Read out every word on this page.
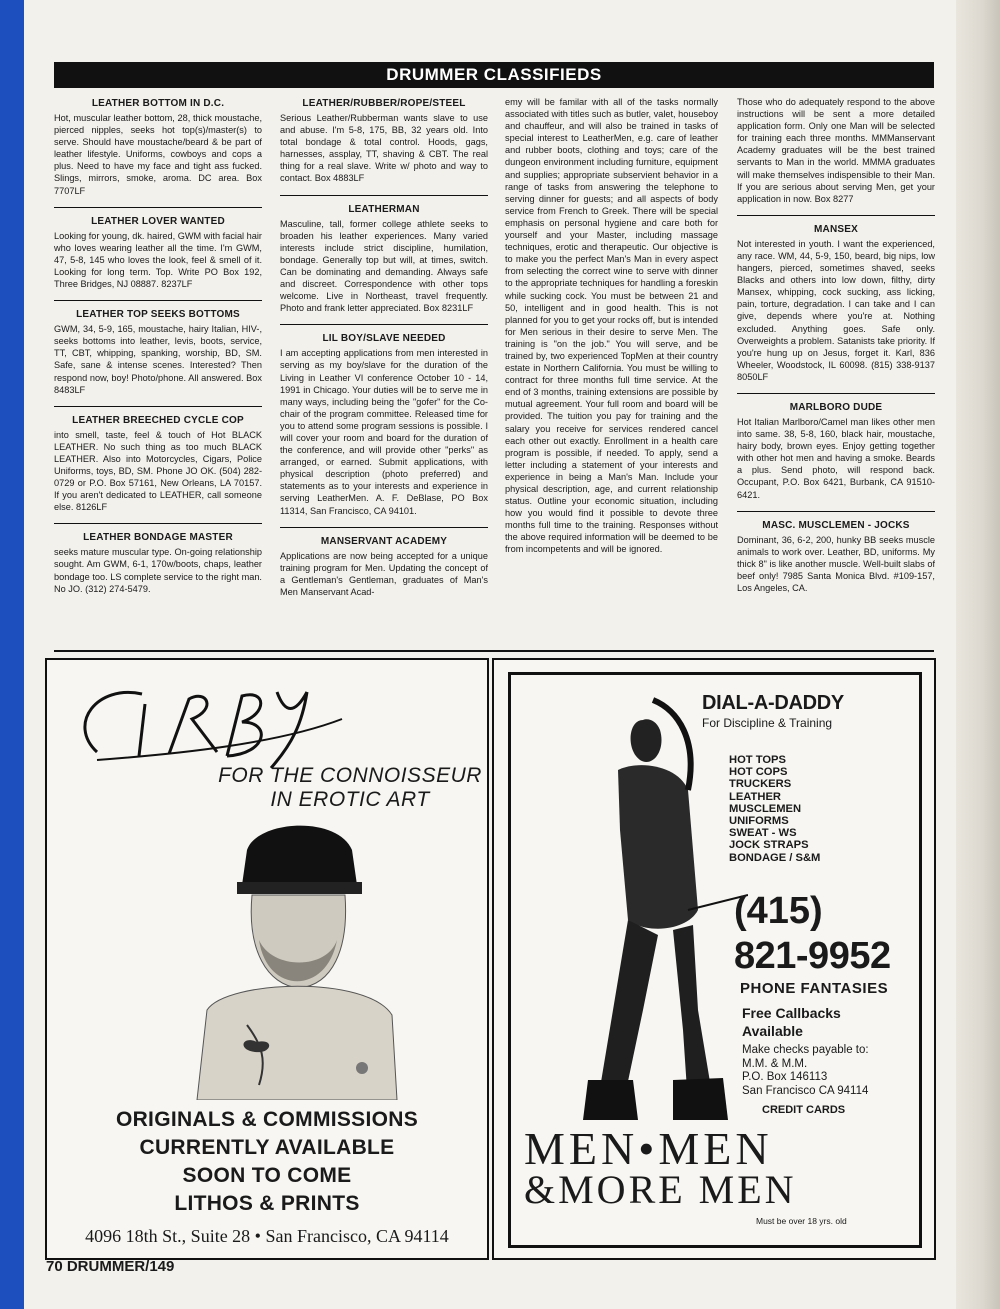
DRUMMER CLASSIFIEDS
LEATHER BOTTOM IN D.C.

Hot, muscular leather bottom, 28, thick moustache, pierced nipples, seeks hot top(s)/master(s) to serve. Should have moustache/beard & be part of leather lifestyle. Uniforms, cowboys and cops a plus. Need to have my face and tight ass fucked. Slings, mirrors, smoke, aroma. DC area. Box 7707LF

LEATHER LOVER WANTED

Looking for young, dk. haired, GWM with facial hair who loves wearing leather all the time. I'm GWM, 47, 5-8, 145 who loves the look, feel & smell of it. Looking for long term. Top. Write PO Box 192, Three Bridges, NJ 08887. 8237LF

LEATHER TOP SEEKS BOTTOMS

GWM, 34, 5-9, 165, moustache, hairy Italian, HIV-, seeks bottoms into leather, levis, boots, service, TT, CBT, whipping, spanking, worship, BD, SM. Safe, sane & intense scenes. Interested? Then respond now, boy! Photo/phone. All answered. Box 8483LF

LEATHER BREECHED CYCLE COP

into smell, taste, feel & touch of Hot BLACK LEATHER. No such thing as too much BLACK LEATHER. Also into Motorcycles, Cigars, Police Uniforms, toys, BD, SM. Phone JO OK. (504) 282-0729 or P.O. Box 57161, New Orleans, LA 70157. If you aren't dedicated to LEATHER, call someone else. 8126LF

LEATHER BONDAGE MASTER

seeks mature muscular type. On-going relationship sought. Am GWM, 6-1, 170w/boots, chaps, leather bondage too. LS complete service to the right man. No JO. (312) 274-5479.

LEATHER/RUBBER/ROPE/STEEL

Serious Leather/Rubberman wants slave to use and abuse. I'm 5-8, 175, BB, 32 years old. Into total bondage & total control. Hoods, gags, harnesses, assplay, TT, shaving & CBT. The real thing for a real slave. Write w/ photo and way to contact. Box 4883LF

LEATHERMAN

Masculine, tall, former college athlete seeks to broaden his leather experiences. Many varied interests include strict discipline, humilation, bondage. Generally top but will, at times, switch. Can be dominating and demanding. Always safe and discreet. Correspondence with other tops welcome. Live in Northeast, travel frequently. Photo and frank letter appreciated. Box 8231LF

LIL BOY/SLAVE NEEDED

I am accepting applications from men interested in serving as my boy/slave for the duration of the Living in Leather VI conference October 10 - 14, 1991 in Chicago. Your duties will be to serve me in many ways, including being the "gofer" for the Co-chair of the program committee. Released time for you to attend some program sessions is possible. I will cover your room and board for the duration of the conference, and will provide other "perks" as arranged, or earned. Submit applications, with physical description (photo preferred) and statements as to your interests and experience in serving LeatherMen. A. F. DeBlase, PO Box 11314, San Francisco, CA 94101.

MANSERVANT ACADEMY

Applications are now being accepted for a unique training program for Men. Updating the concept of a Gentleman's Gentleman, graduates of Man's Men Manservant Acad-

emy will be familar with all of the tasks normally associated with titles such as butler, valet, houseboy and chauffeur, and will also be trained in tasks of special interest to LeatherMen, e.g. care of leather and rubber boots, clothing and toys; care of the dungeon environment including furniture, equipment and supplies; appropriate subservient behavior in a range of tasks from answering the telephone to serving dinner for guests; and all aspects of body service from French to Greek. There will be special emphasis on personal hygiene and care both for yourself and your Master, including massage techniques, erotic and therapeutic. Our objective is to make you the perfect Man's Man in every aspect from selecting the correct wine to serve with dinner to the appropriate techniques for handling a foreskin while sucking cock. You must be between 21 and 50, intelligent and in good health. This is not planned for you to get your rocks off, but is intended for Men serious in their desire to serve Men. The training is "on the job." You will serve, and be trained by, two experienced TopMen at their country estate in Northern California. You must be willing to contract for three months full time service. At the end of 3 months, training extensions are possible by mutual agreement. Your full room and board will be provided. The tuition you pay for training and the salary you receive for services rendered cancel each other out exactly. Enrollment in a health care program is possible, if needed. To apply, send a letter including a statement of your interests and experience in being a Man's Man. Include your physical description, age, and current relationship status. Outline your economic situation, including how you would find it possible to devote three months full time to the training. Responses without the above required information will be deemed to be from incompetents and will be ignored.

Those who do adequately respond to the above instructions will be sent a more detailed application form. Only one Man will be selected for training each three months. MMManservant Academy graduates will be the best trained servants to Man in the world. MMMA graduates will make themselves indispensible to their Man. If you are serious about serving Men, get your application in now. Box 8277

MANSEX

Not interested in youth. I want the experienced, any race. WM, 44, 5-9, 150, beard, big nips, low hangers, pierced, sometimes shaved, seeks Blacks and others into low down, filthy, dirty Mansex, whipping, cock sucking, ass licking, pain, torture, degradation. I can take and I can give, depends where you're at. Nothing excluded. Anything goes. Safe only. Overweights a problem. Satanists take priority. If you're hung up on Jesus, forget it. Karl, 836 Wheeler, Woodstock, IL 60098. (815) 338-9137 8050LF

MARLBORO DUDE

Hot Italian Marlboro/Camel man likes other men into same. 38, 5-8, 160, black hair, moustache, hairy body, brown eyes. Enjoy getting together with other hot men and having a smoke. Beards a plus. Send photo, will respond back. Occupant, P.O. Box 6421, Burbank, CA 91510-6421.

MASC. MUSCLEMEN - JOCKS

Dominant, 36, 6-2, 200, hunky BB seeks muscle animals to work over. Leather, BD, uniforms. My thick 8" is like another muscle. Well-built slabs of beef only! 7985 Santa Monica Blvd. #109-157, Los Angeles, CA.

FOR THE CONNOISSEUR
IN EROTIC ART
ORIGINALS & COMMISSIONS
CURRENTLY AVAILABLE
SOON TO COME
LITHOS & PRINTS
4096 18th St., Suite 28 • San Francisco, CA 94114
DIAL-A-DADDY
For Discipline & Training
HOT TOPS
HOT COPS
TRUCKERS
LEATHER
MUSCLEMEN
UNIFORMS
SWEAT - WS
JOCK STRAPS
BONDAGE / S&M
(415)
821-9952
PHONE FANTASIES
Free Callbacks
Available
Make checks payable to:
M.M. & M.M.
P.O. Box 146113
San Francisco CA 94114
CREDIT CARDS
MEN•MEN
&MORE MEN
Must be over 18 yrs. old
70 DRUMMER/149
